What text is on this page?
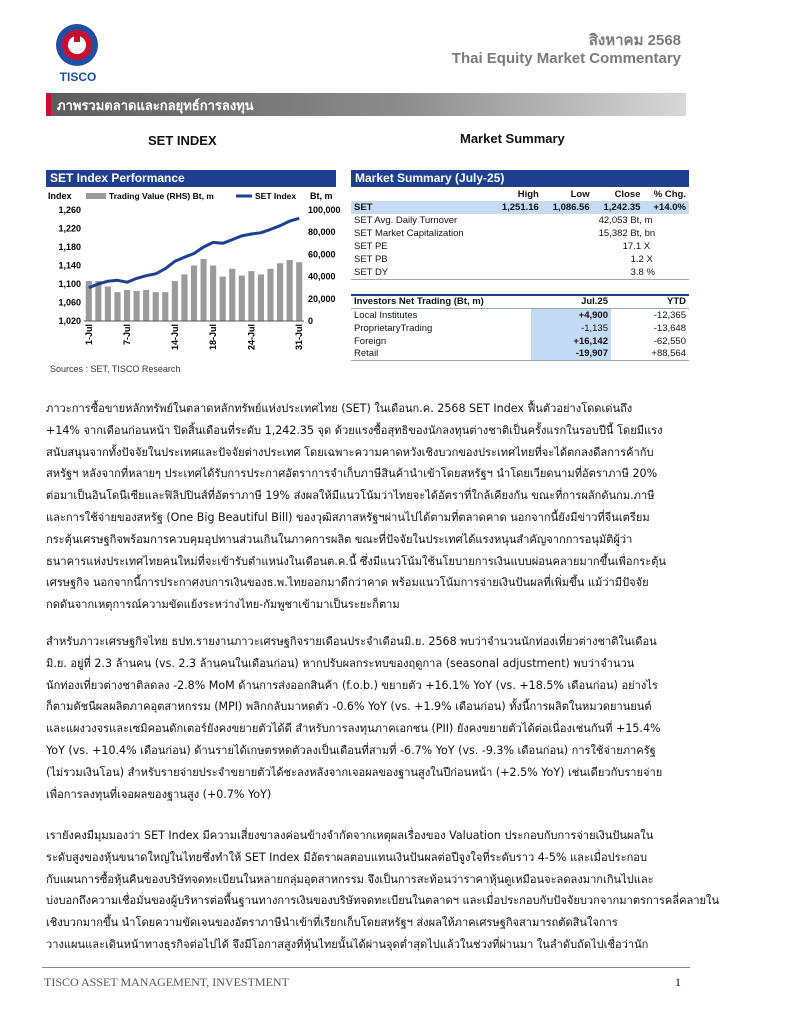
TISCO
สิงหาคม 2568
Thai Equity Market Commentary
ภาพรวมตลาดและกลยุทธ์การลงทุน
SET INDEX	Market Summary
SET Index Performance
Index	Bt, m
Trading Value (RHS) Bt, m	SET Index
1,260
1,220
1,180
1,140
1,100
1,060
1,020
100,000
80,000
60,000
40,000
20,000
0
1-Jul	7-Jul	14-Jul	18-Jul	24-Jul	31-Jul
Sources : SET, TISCO Research
Market Summary (July-25)
	High	Low	Close	% Chg.
SET	1,251.16	1,086.56	1,242.35	+14.0%
SET Avg. Daily Turnover			42,053 Bt, m	
SET Market Capitalization			15,382 Bt, bn	
SET PE			17.1 X	
SET PB			1.2 X	
SET DY			3.8 %	
Investors Net Trading (Bt, m)	Jul.25	YTD
Local Institutes	+4,900	-12,365
ProprietaryTrading	-1,135	-13,648
Foreign	+16,142	-62,550
Retail	-19,907	+88,564
ภาวะการซื้อขายหลักทรัพย์ในตลาดหลักทรัพย์แห่งประเทศไทย (SET) ในเดือนก.ค. 2568 SET Index ฟื้นตัวอย่างโดดเด่นถึง
+14% จากเดือนก่อนหน้า ปิดสิ้นเดือนที่ระดับ 1,242.35 จุด ด้วยแรงซื้อสุทธิของนักลงทุนต่างชาติเป็นครั้งแรกในรอบปีนี้ โดยมีแรง
สนับสนุนจากทั้งปัจจัยในประเทศและปัจจัยต่างประเทศ โดยเฉพาะความคาดหวังเชิงบวกของประเทศไทยที่จะได้ตกลงดีลการค้ากับ
สหรัฐฯ หลังจากที่หลายๆ ประเทศได้รับการประกาศอัตราการจำเก็บภาษีสินค้านำเข้าโดยสหรัฐฯ นำโดยเวียดนามที่อัตราภาษี 20%
ต่อมาเป็นอินโดนีเซียและฟิลิปปินส์ที่อัตราภาษี 19% ส่งผลให้มีแนวโน้มว่าไทยจะได้อัตราที่ใกล้เคียงกัน ขณะที่การผลักดันกม.ภาษี
และการใช้จ่ายของสหรัฐ (One Big Beautiful Bill) ของวุฒิสภาสหรัฐฯผ่านไปได้ตามที่ตลาดคาด นอกจากนี้ยังมีข่าวที่จีนเตรียม
กระตุ้นเศรษฐกิจพร้อมการควบคุมอุปทานส่วนเกินในภาคการผลิต ขณะที่ปัจจัยในประเทศได้แรงหนุนสำคัญจากการอนุมัติผู้ว่า
ธนาคารแห่งประเทศไทยคนใหม่ที่จะเข้ารับตำแหน่งในเดือนต.ค.นี้ ซึ่งมีแนวโน้มใช้นโยบายการเงินแบบผ่อนคลายมากขึ้นเพื่อกระตุ้น
เศรษฐกิจ นอกจากนี้การประกาศงบการเงินของธ.พ.ไทยออกมาดีกว่าคาด พร้อมแนวโน้มการจ่ายเงินปันผลที่เพิ่มขึ้น แม้ว่ามีปัจจัย
กดดันจากเหตุการณ์ความขัดแย้งระหว่างไทย-กัมพูชาเข้ามาเป็นระยะก็ตาม
สำหรับภาวะเศรษฐกิจไทย ธปท.รายงานภาวะเศรษฐกิจรายเดือนประจำเดือนมิ.ย. 2568 พบว่าจำนวนนักท่องเที่ยวต่างชาติในเดือน
มิ.ย. อยู่ที่ 2.3 ล้านคน (vs. 2.3 ล้านคนในเดือนก่อน) หากปรับผลกระทบของฤดูกาล (seasonal adjustment) พบว่าจำนวน
นักท่องเที่ยวต่างชาติลดลง -2.8% MoM ด้านการส่งออกสินค้า (f.o.b.) ขยายตัว +16.1% YoY (vs. +18.5% เดือนก่อน) อย่างไร
ก็ตามดัชนีผลผลิตภาคอุตสาหกรรม (MPI) พลิกกลับมาหดตัว -0.6% YoY (vs. +1.9% เดือนก่อน) ทั้งนี้การผลิตในหมวดยานยนต์
และแผงวงจรและเซมิคอนดักเตอร์ยังคงขยายตัวได้ดี สำหรับการลงทุนภาคเอกชน (PII) ยังคงขยายตัวได้ต่อเนื่องเช่นกันที่ +15.4%
YoY (vs. +10.4% เดือนก่อน) ด้านรายได้เกษตรหดตัวลงเป็นเดือนที่สามที่ -6.7% YoY (vs. -9.3% เดือนก่อน) การใช้จ่ายภาครัฐ
(ไม่รวมเงินโอน) สำหรับรายจ่ายประจำขยายตัวได้ชะลงหลังจากเจอผลของฐานสูงในปีก่อนหน้า (+2.5% YoY) เช่นเดียวกับรายจ่าย
เพื่อการลงทุนที่เจอผลของฐานสูง (+0.7% YoY)
เรายังคงมีมุมมองว่า SET Index มีความเสี่ยงขาลงค่อนข้างจำกัดจากเหตุผลเรื่องของ Valuation ประกอบกับการจ่ายเงินปันผลใน
ระดับสูงของหุ้นขนาดใหญ่ในไทยซึ่งทำให้ SET Index มีอัตราผลตอบแทนเงินปันผลต่อปีจูงใจที่ระดับราว 4-5% และเมื่อประกอบ
กับแผนการซื้อหุ้นคืนของบริษัทจดทะเบียนในหลายกลุ่มอุตสาหกรรม จึงเป็นการสะท้อนว่าราคาหุ้นดูเหมือนจะลดลงมากเกินไปและ
บ่งบอกถึงความเชื่อมั่นของผู้บริหารต่อพื้นฐานทางการเงินของบริษัทจดทะเบียนในตลาดฯ และเมื่อประกอบกับปัจจัยบวกจากมาตรการคลี่คลายใน
เชิงบวกมากขึ้น นำโดยความขัดเจนของอัตราภาษีนำเข้าที่เรียกเก็บโดยสหรัฐฯ ส่งผลให้ภาคเศรษฐกิจสามารถตัดสินใจการ
วางแผนและเดินหน้าทางธุรกิจต่อไปได้ จึงมีโอกาสสูงที่หุ้นไทยนั้นได้ผ่านจุดต่ำสุดไปแล้วในช่วงที่ผ่านมา ในลำดับถัดไปเชื่อว่านัก
TISCO ASSET MANAGEMENT, INVESTMENT	1
